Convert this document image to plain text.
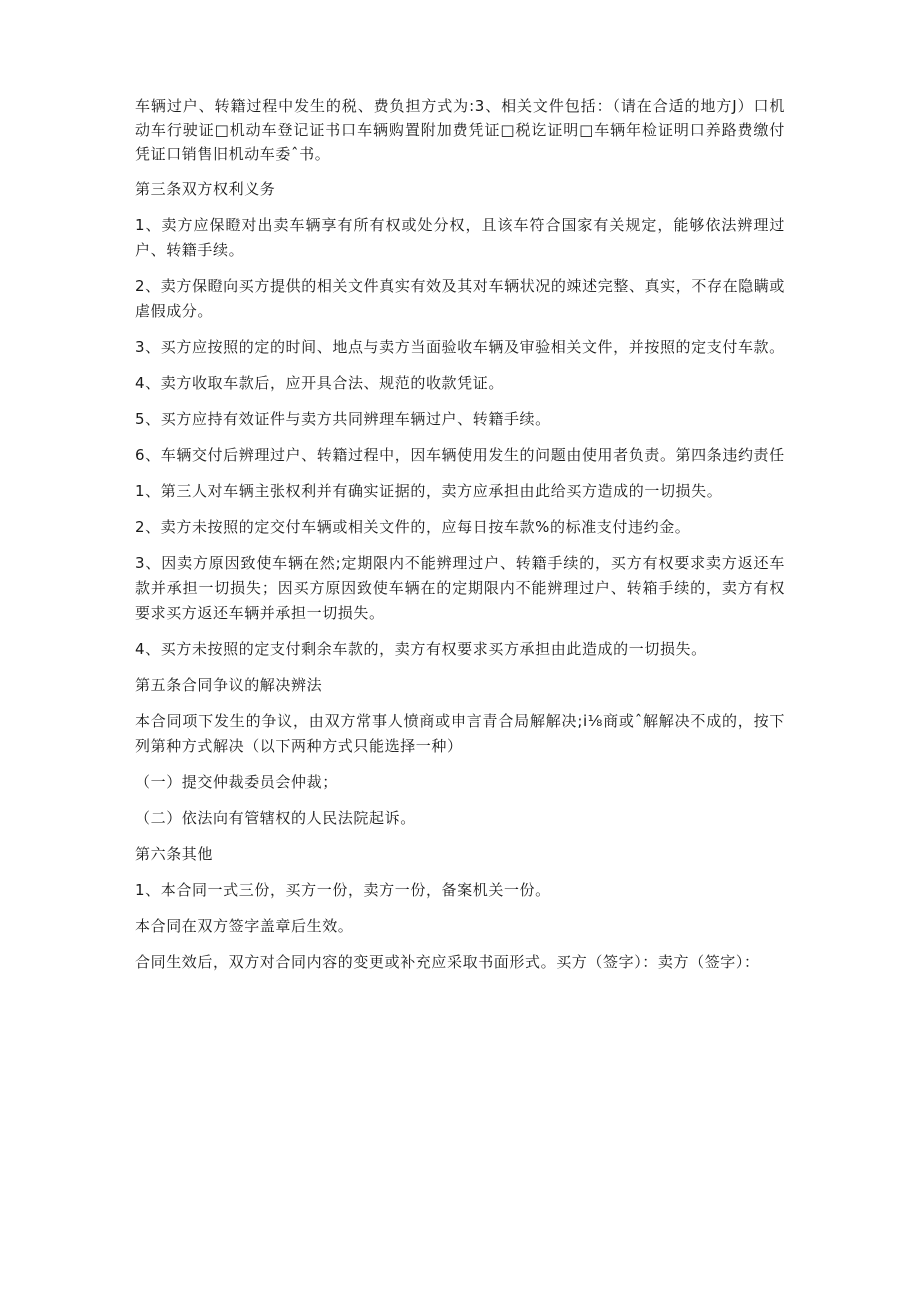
车辆过户、转籍过程中发生的税、费负担方式为:3、相关文件包括：（请在合适的地方J）口机动车行驶证□机动车登记证书口车辆购置附加费凭证□税讫证明□车辆年检证明口养路费缴付凭证口销售旧机动车委ˆ书。

第三条双方权利义务

1、卖方应保瞪对出卖车辆享有所有权或处分权，且该车符合国家有关规定，能够依法辨理过户、转籍手续。

2、卖方保瞪向买方提供的相关文件真实有效及其对车辆状况的竦述完整、真实，不存在隐瞒或虐假成分。

3、买方应按照的定的时间、地点与卖方当面验收车辆及审验相关文件，并按照的定支付车款。

4、卖方收取车款后，应开具合法、规范的收款凭证。

5、买方应持有效证件与卖方共同辨理车辆过户、转籍手续。

6、车辆交付后辨理过户、转籍过程中，因车辆使用发生的问题由使用者负责。第四条违约责任

1、第三人对车辆主张权利并有确实证据的，卖方应承担由此给买方造成的一切损失。

2、卖方未按照的定交付车辆或相关文件的，应每日按车款%的标准支付违约金。

3、因卖方原因致使车辆在然;定期限内不能辨理过户、转籍手续的，买方有权要求卖方返还车款并承担一切损失；因买方原因致使车辆在的定期限内不能辨理过户、转箱手续的，卖方有权要求买方返还车辆并承担一切损失。

4、买方未按照的定支付剩余车款的，卖方有权要求买方承担由此造成的一切损失。

第五条合同争议的解决辨法

本合同项下发生的争议，由双方常事人愤商或申言青合局解解决;i⅛商或ˆ解解决不成的，按下列第种方式解决（以下两种方式只能选择一种）

（一）提交仲裁委员会仲裁；

（二）依法向有管辖权的人民法院起诉。

第六条其他

1、本合同一式三份，买方一份，卖方一份，备案机关一份。

本合同在双方签字盖章后生效。

合同生效后，双方对合同内容的变更或补充应采取书面形式。买方（签字）：卖方（签字）：
